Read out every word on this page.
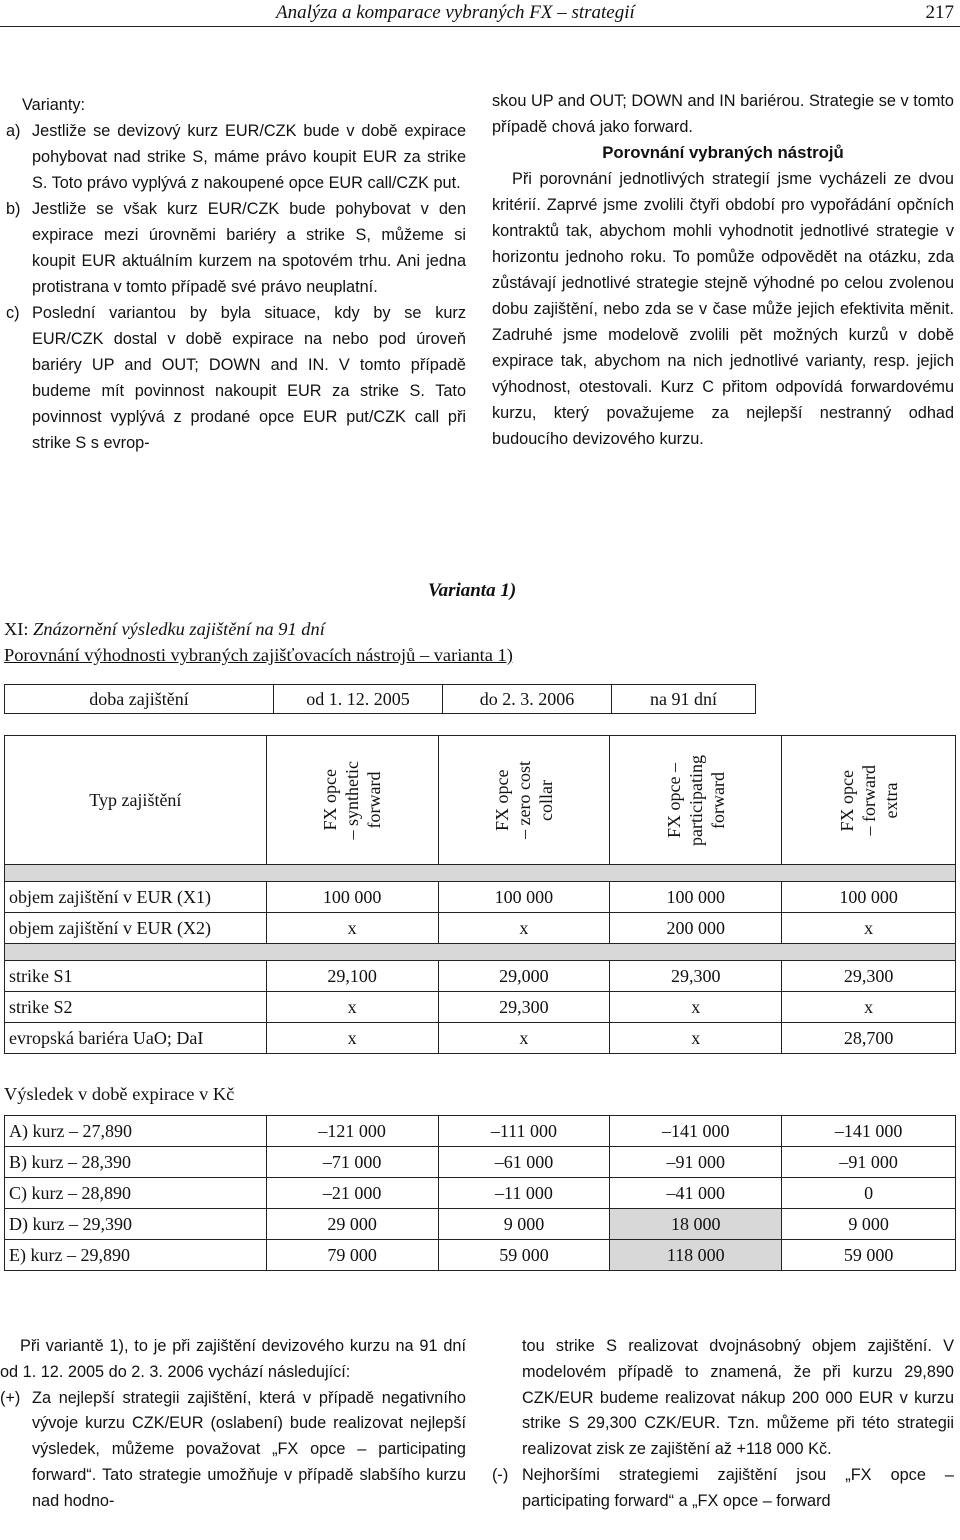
Analýza a komparace vybraných FX – strategií	217

Varianty:

a) Jestliže se devizový kurz EUR/CZK bude v době expirace pohybovat nad strike S, máme právo koupit EUR za strike S. Toto právo vyplývá z nakoupené opce EUR call/CZK put.
b) Jestliže se však kurz EUR/CZK bude pohybovat v den expirace mezi úrovněmi bariéry a strike S, můžeme si koupit EUR aktuálním kurzem na spotovém trhu. Ani jedna protistrana v tomto případě své právo neuplatní.
c) Poslední variantou by byla situace, kdy by se kurz EUR/CZK dostal v době expirace na nebo pod úroveň bariéry UP and OUT; DOWN and IN. V tomto případě budeme mít povinnost nakoupit EUR za strike S. Tato povinnost vyplývá z prodané opce EUR put/CZK call při strike S s evrop-

skou UP and OUT; DOWN and IN bariérou. Strategie se v tomto případě chová jako forward.

Porovnání vybraných nástrojů

Při porovnání jednotlivých strategií jsme vycházeli ze dvou kritérií. Zaprvé jsme zvolili čtyři období pro vypořádání opčních kontraktů tak, abychom mohli vyhodnotit jednotlivé strategie v horizontu jednoho roku. To pomůže odpovědět na otázku, zda zůstávají jednotlivé strategie stejně výhodné po celou zvolenou dobu zajištění, nebo zda se v čase může jejich efektivita měnit. Zadruhé jsme modelově zvolili pět možných kurzů v době expirace tak, abychom na nich jednotlivé varianty, resp. jejich výhodnost, otestovali. Kurz C přitom odpovídá forwardovému kurzu, který považujeme za nejlepší nestranný odhad budoucího devizového kurzu.

Varianta 1)
XI: Znázornění výsledku zajištění na 91 dní
Porovnání výhodnosti vybraných zajišťovacích nástrojů – varianta 1)
doba zajištění	od 1. 12. 2005	do 2. 3. 2006	na 91 dní
Typ zajištění	FX opce – synthetic forward	FX opce – zero cost collar	FX opce – participating forward	FX opce – forward extra

objem zajištění v EUR (X1)	100 000	100 000	100 000	100 000
objem zajištění v EUR (X2)	x	x	200 000	x

strike S1	29,100	29,000	29,300	29,300
strike S2	x	29,300	x	x
evropská bariéra UaO; DaI	x	x	x	28,700
Výsledek v době expirace v Kč
A) kurz – 27,890	–121 000	–111 000	–141 000	–141 000
B) kurz – 28,390	–71 000	–61 000	–91 000	–91 000
C) kurz – 28,890	–21 000	–11 000	–41 000	0
D) kurz – 29,390	29 000	9 000	18 000	9 000
E) kurz – 29,890	79 000	59 000	118 000	59 000

Při variantě 1), to je při zajištění devizového kurzu na 91 dní od 1. 12. 2005 do 2. 3. 2006 vychází následující:

(+) Za nejlepší strategii zajištění, která v případě negativního vývoje kurzu CZK/EUR (oslabení) bude realizovat nejlepší výsledek, můžeme považovat „FX opce – participating forward“. Tato strategie umožňuje v případě slabšího kurzu nad hodno-

tou strike S realizovat dvojnásobný objem zajištění. V modelovém případě to znamená, že při kurzu 29,890 CZK/EUR budeme realizovat nákup 200 000 EUR v kurzu strike S 29,300 CZK/EUR. Tzn. můžeme při této strategii realizovat zisk ze zajištění až +118 000 Kč.

(-) Nejhoršími strategiemi zajištění jsou „FX opce – participating forward“ a „FX opce – forward
